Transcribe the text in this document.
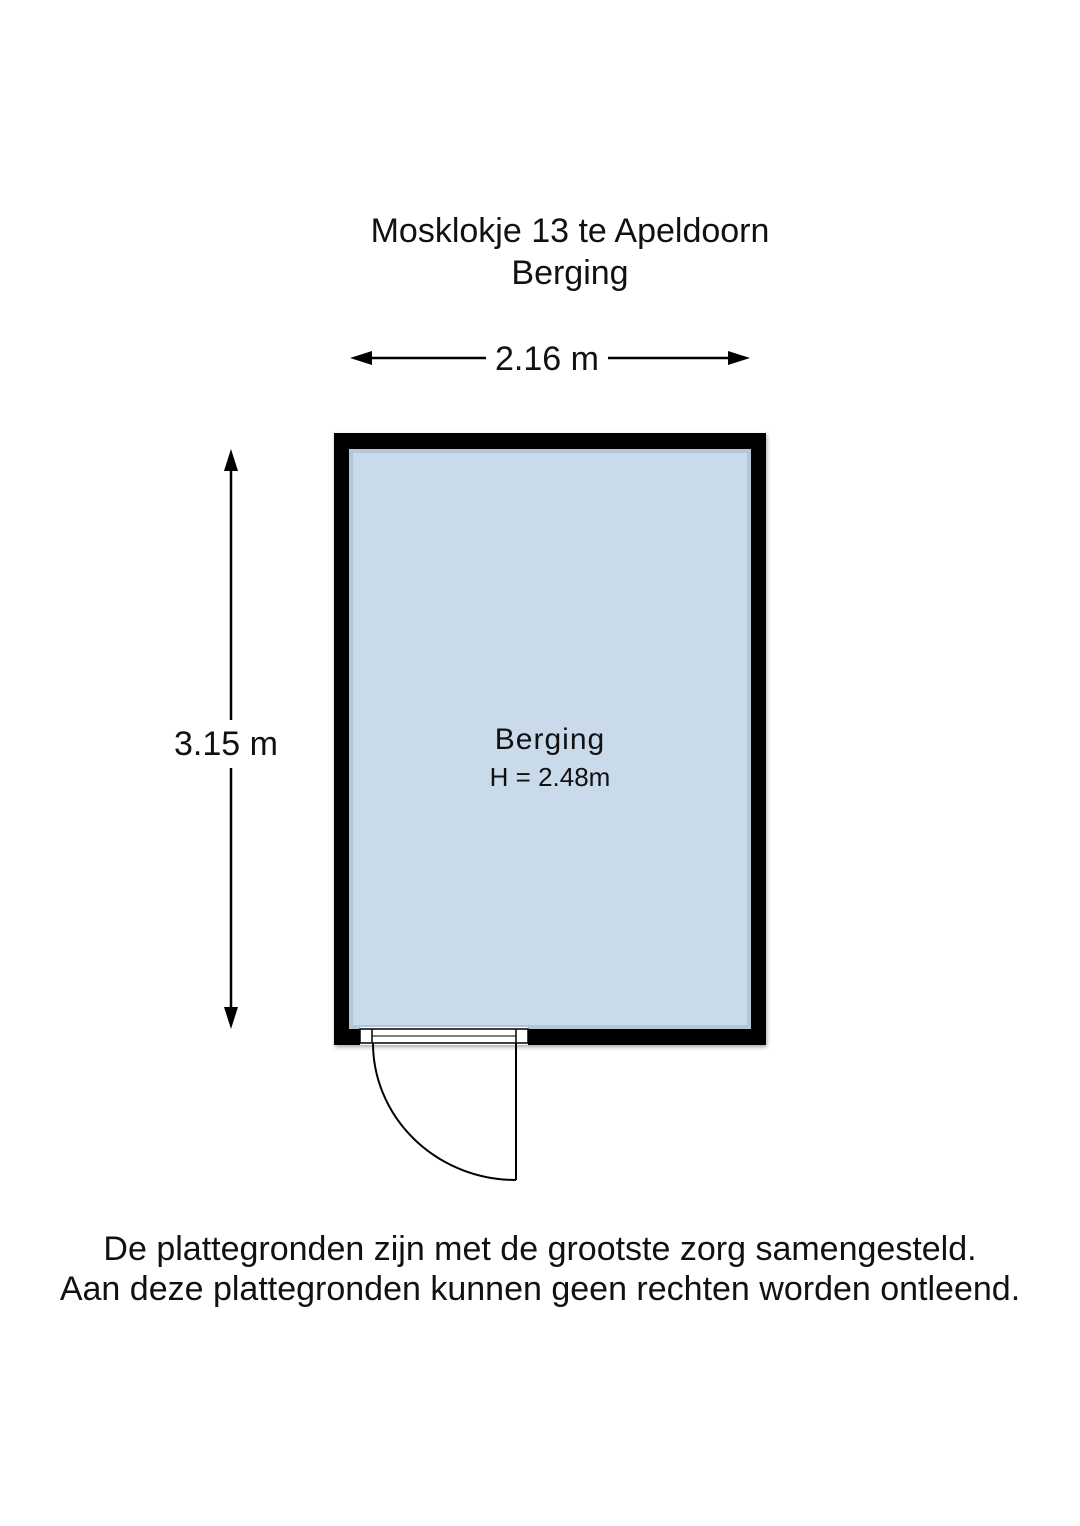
Mosklokje 13 te Apeldoorn
Berging
2.16 m
3.15 m	Berging
H = 2.48m
De plattegronden zijn met de grootste zorg samengesteld.
Aan deze plattegronden kunnen geen rechten worden ontleend.
